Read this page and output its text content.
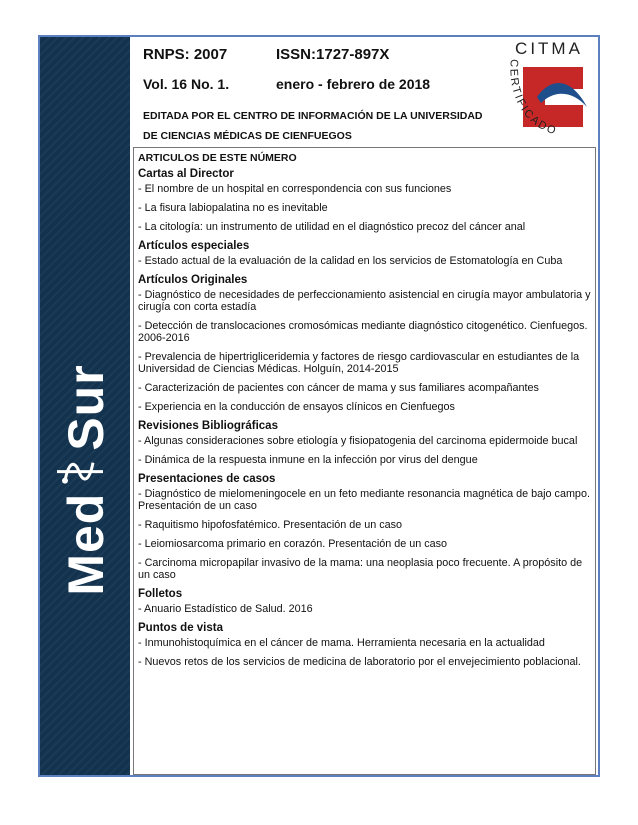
Med
Sur
RNPS: 2007	ISSN:1727-897X
Vol. 16 No. 1.	enero - febrero de 2018
EDITADA POR EL CENTRO DE INFORMACIÓN DE LA UNIVERSIDAD
DE CIENCIAS MÉDICAS DE CIENFUEGOS
CITMA
CERTIFICADO
ARTICULOS DE ESTE NÚMERO
Cartas al Director
- El nombre de un hospital en correspondencia con sus funciones
- La fisura labiopalatina no es inevitable
- La citología: un instrumento de utilidad en el diagnóstico precoz del cáncer anal
Artículos especiales
- Estado actual de la evaluación de la calidad en los servicios de Estomatología en Cuba
Artículos Originales
- Diagnóstico de necesidades de perfeccionamiento asistencial en cirugía mayor ambulatoria y cirugía con corta estadía
- Detección de translocaciones cromosómicas mediante diagnóstico citogenético. Cienfuegos. 2006-2016
- Prevalencia de hipertrigliceridemia y factores de riesgo cardiovascular en estudiantes de la Universidad de Ciencias Médicas. Holguín, 2014-2015
- Caracterización de pacientes con cáncer de mama y sus familiares acompañantes
- Experiencia en la conducción de ensayos clínicos en Cienfuegos
Revisiones Bibliográficas
- Algunas consideraciones sobre etiología y fisiopatogenia del carcinoma epidermoide bucal
- Dinámica de la respuesta inmune en la infección por virus del dengue
Presentaciones de casos
- Diagnóstico de mielomeningocele en un feto mediante resonancia magnética de bajo campo. Presentación de un caso
- Raquitismo hipofosfatémico. Presentación de un caso
- Leiomiosarcoma primario en corazón. Presentación de un caso
- Carcinoma micropapilar invasivo de la mama: una neoplasia poco frecuente. A propósito de un caso
Folletos
- Anuario Estadístico de Salud. 2016
Puntos de vista
- Inmunohistoquímica en el cáncer de mama. Herramienta necesaria en la actualidad
- Nuevos retos de los servicios de medicina de laboratorio por el envejecimiento poblacional.
